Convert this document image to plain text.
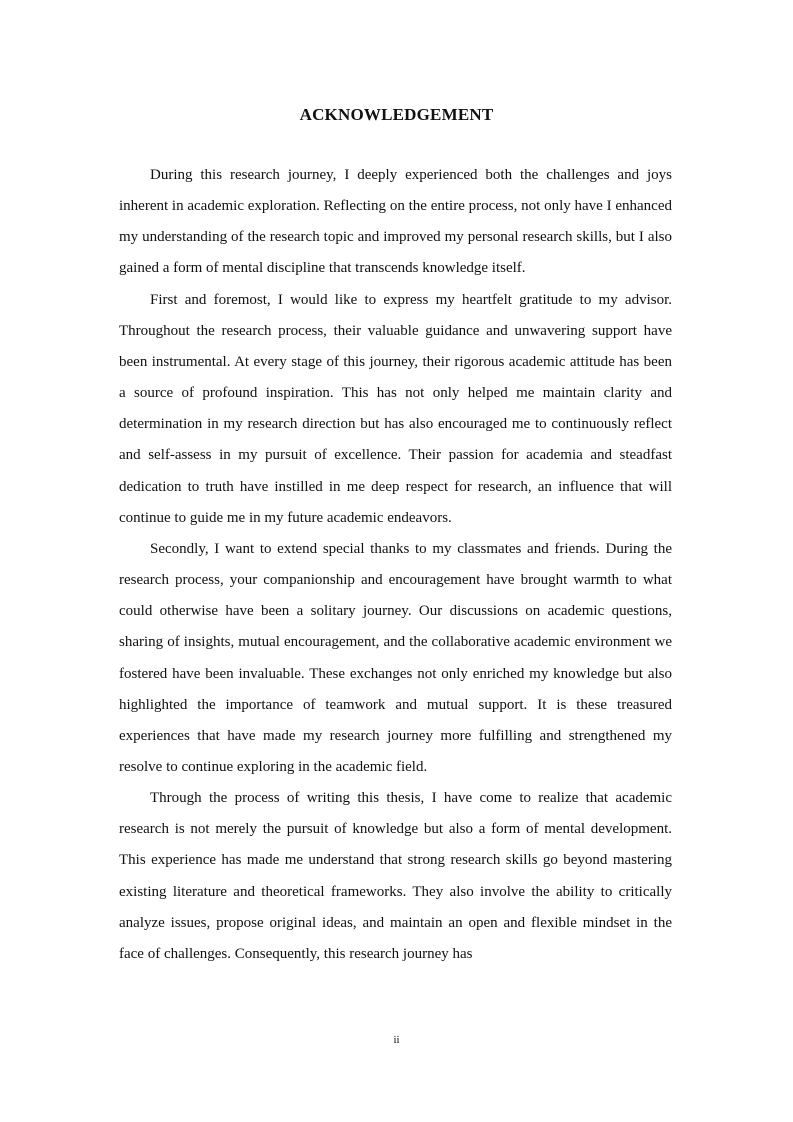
ACKNOWLEDGEMENT

During this research journey, I deeply experienced both the challenges and joys inherent in academic exploration. Reflecting on the entire process, not only have I enhanced my understanding of the research topic and improved my personal research skills, but I also gained a form of mental discipline that transcends knowledge itself.

First and foremost, I would like to express my heartfelt gratitude to my advisor. Throughout the research process, their valuable guidance and unwavering support have been instrumental. At every stage of this journey, their rigorous academic attitude has been a source of profound inspiration. This has not only helped me maintain clarity and determination in my research direction but has also encouraged me to continuously reflect and self-assess in my pursuit of excellence. Their passion for academia and steadfast dedication to truth have instilled in me deep respect for research, an influence that will continue to guide me in my future academic endeavors.

Secondly, I want to extend special thanks to my classmates and friends. During the research process, your companionship and encouragement have brought warmth to what could otherwise have been a solitary journey. Our discussions on academic questions, sharing of insights, mutual encouragement, and the collaborative academic environment we fostered have been invaluable. These exchanges not only enriched my knowledge but also highlighted the importance of teamwork and mutual support. It is these treasured experiences that have made my research journey more fulfilling and strengthened my resolve to continue exploring in the academic field.

Through the process of writing this thesis, I have come to realize that academic research is not merely the pursuit of knowledge but also a form of mental development. This experience has made me understand that strong research skills go beyond mastering existing literature and theoretical frameworks. They also involve the ability to critically analyze issues, propose original ideas, and maintain an open and flexible mindset in the face of challenges. Consequently, this research journey has

ii
